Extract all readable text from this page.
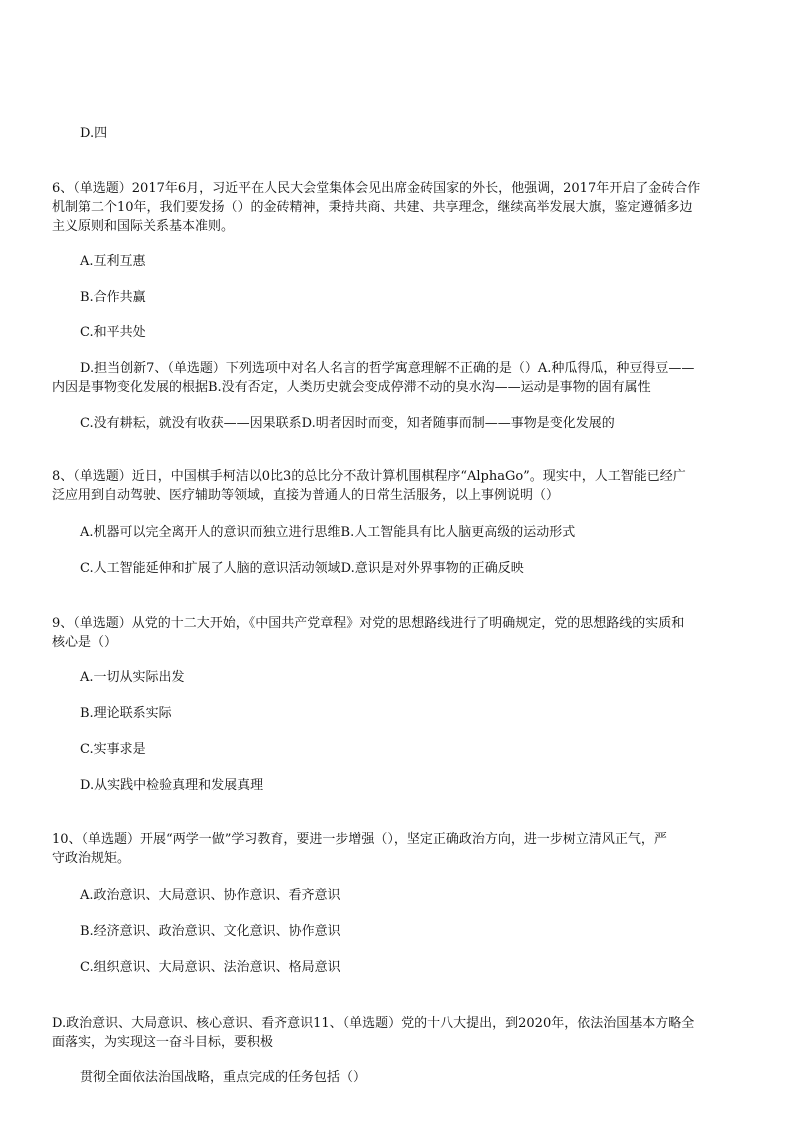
D.四
6、（单选题）2017年6月，习近平在人民大会堂集体会见出席金砖国家的外长，他强调，2017年开启了金砖合作
机制第二个10年，我们要发扬（）的金砖精神，秉持共商、共建、共享理念，继续高举发展大旗，鉴定遵循多边
主义原则和国际关系基本准则。
A.互利互惠
B.合作共赢
C.和平共处
D.担当创新7、（单选题）下列选项中对名人名言的哲学寓意理解不正确的是（）A.种瓜得瓜，种豆得豆——
内因是事物变化发展的根据B.没有否定，人类历史就会变成停滞不动的臭水沟——运动是事物的固有属性
C.没有耕耘，就没有收获——因果联系D.明者因时而变，知者随事而制——事物是变化发展的
8、（单选题）近日，中国棋手柯洁以0比3的总比分不敌计算机围棋程序“AlphaGo”。现实中，人工智能已经广
泛应用到自动驾驶、医疗辅助等领域，直接为普通人的日常生活服务，以上事例说明（）
A.机器可以完全离开人的意识而独立进行思维B.人工智能具有比人脑更高级的运动形式
C.人工智能延伸和扩展了人脑的意识活动领域D.意识是对外界事物的正确反映
9、（单选题）从党的十二大开始，《中国共产党章程》对党的思想路线进行了明确规定，党的思想路线的实质和
核心是（）
A.一切从实际出发
B.理论联系实际
C.实事求是
D.从实践中检验真理和发展真理
10、（单选题）开展“两学一做”学习教育，要进一步增强（），坚定正确政治方向，进一步树立清风正气，严
守政治规矩。
A.政治意识、大局意识、协作意识、看齐意识
B.经济意识、政治意识、文化意识、协作意识
C.组织意识、大局意识、法治意识、格局意识
D.政治意识、大局意识、核心意识、看齐意识11、（单选题）党的十八大提出，到2020年，依法治国基本方略全
面落实，为实现这一奋斗目标，要积极
贯彻全面依法治国战略，重点完成的任务包括（）
